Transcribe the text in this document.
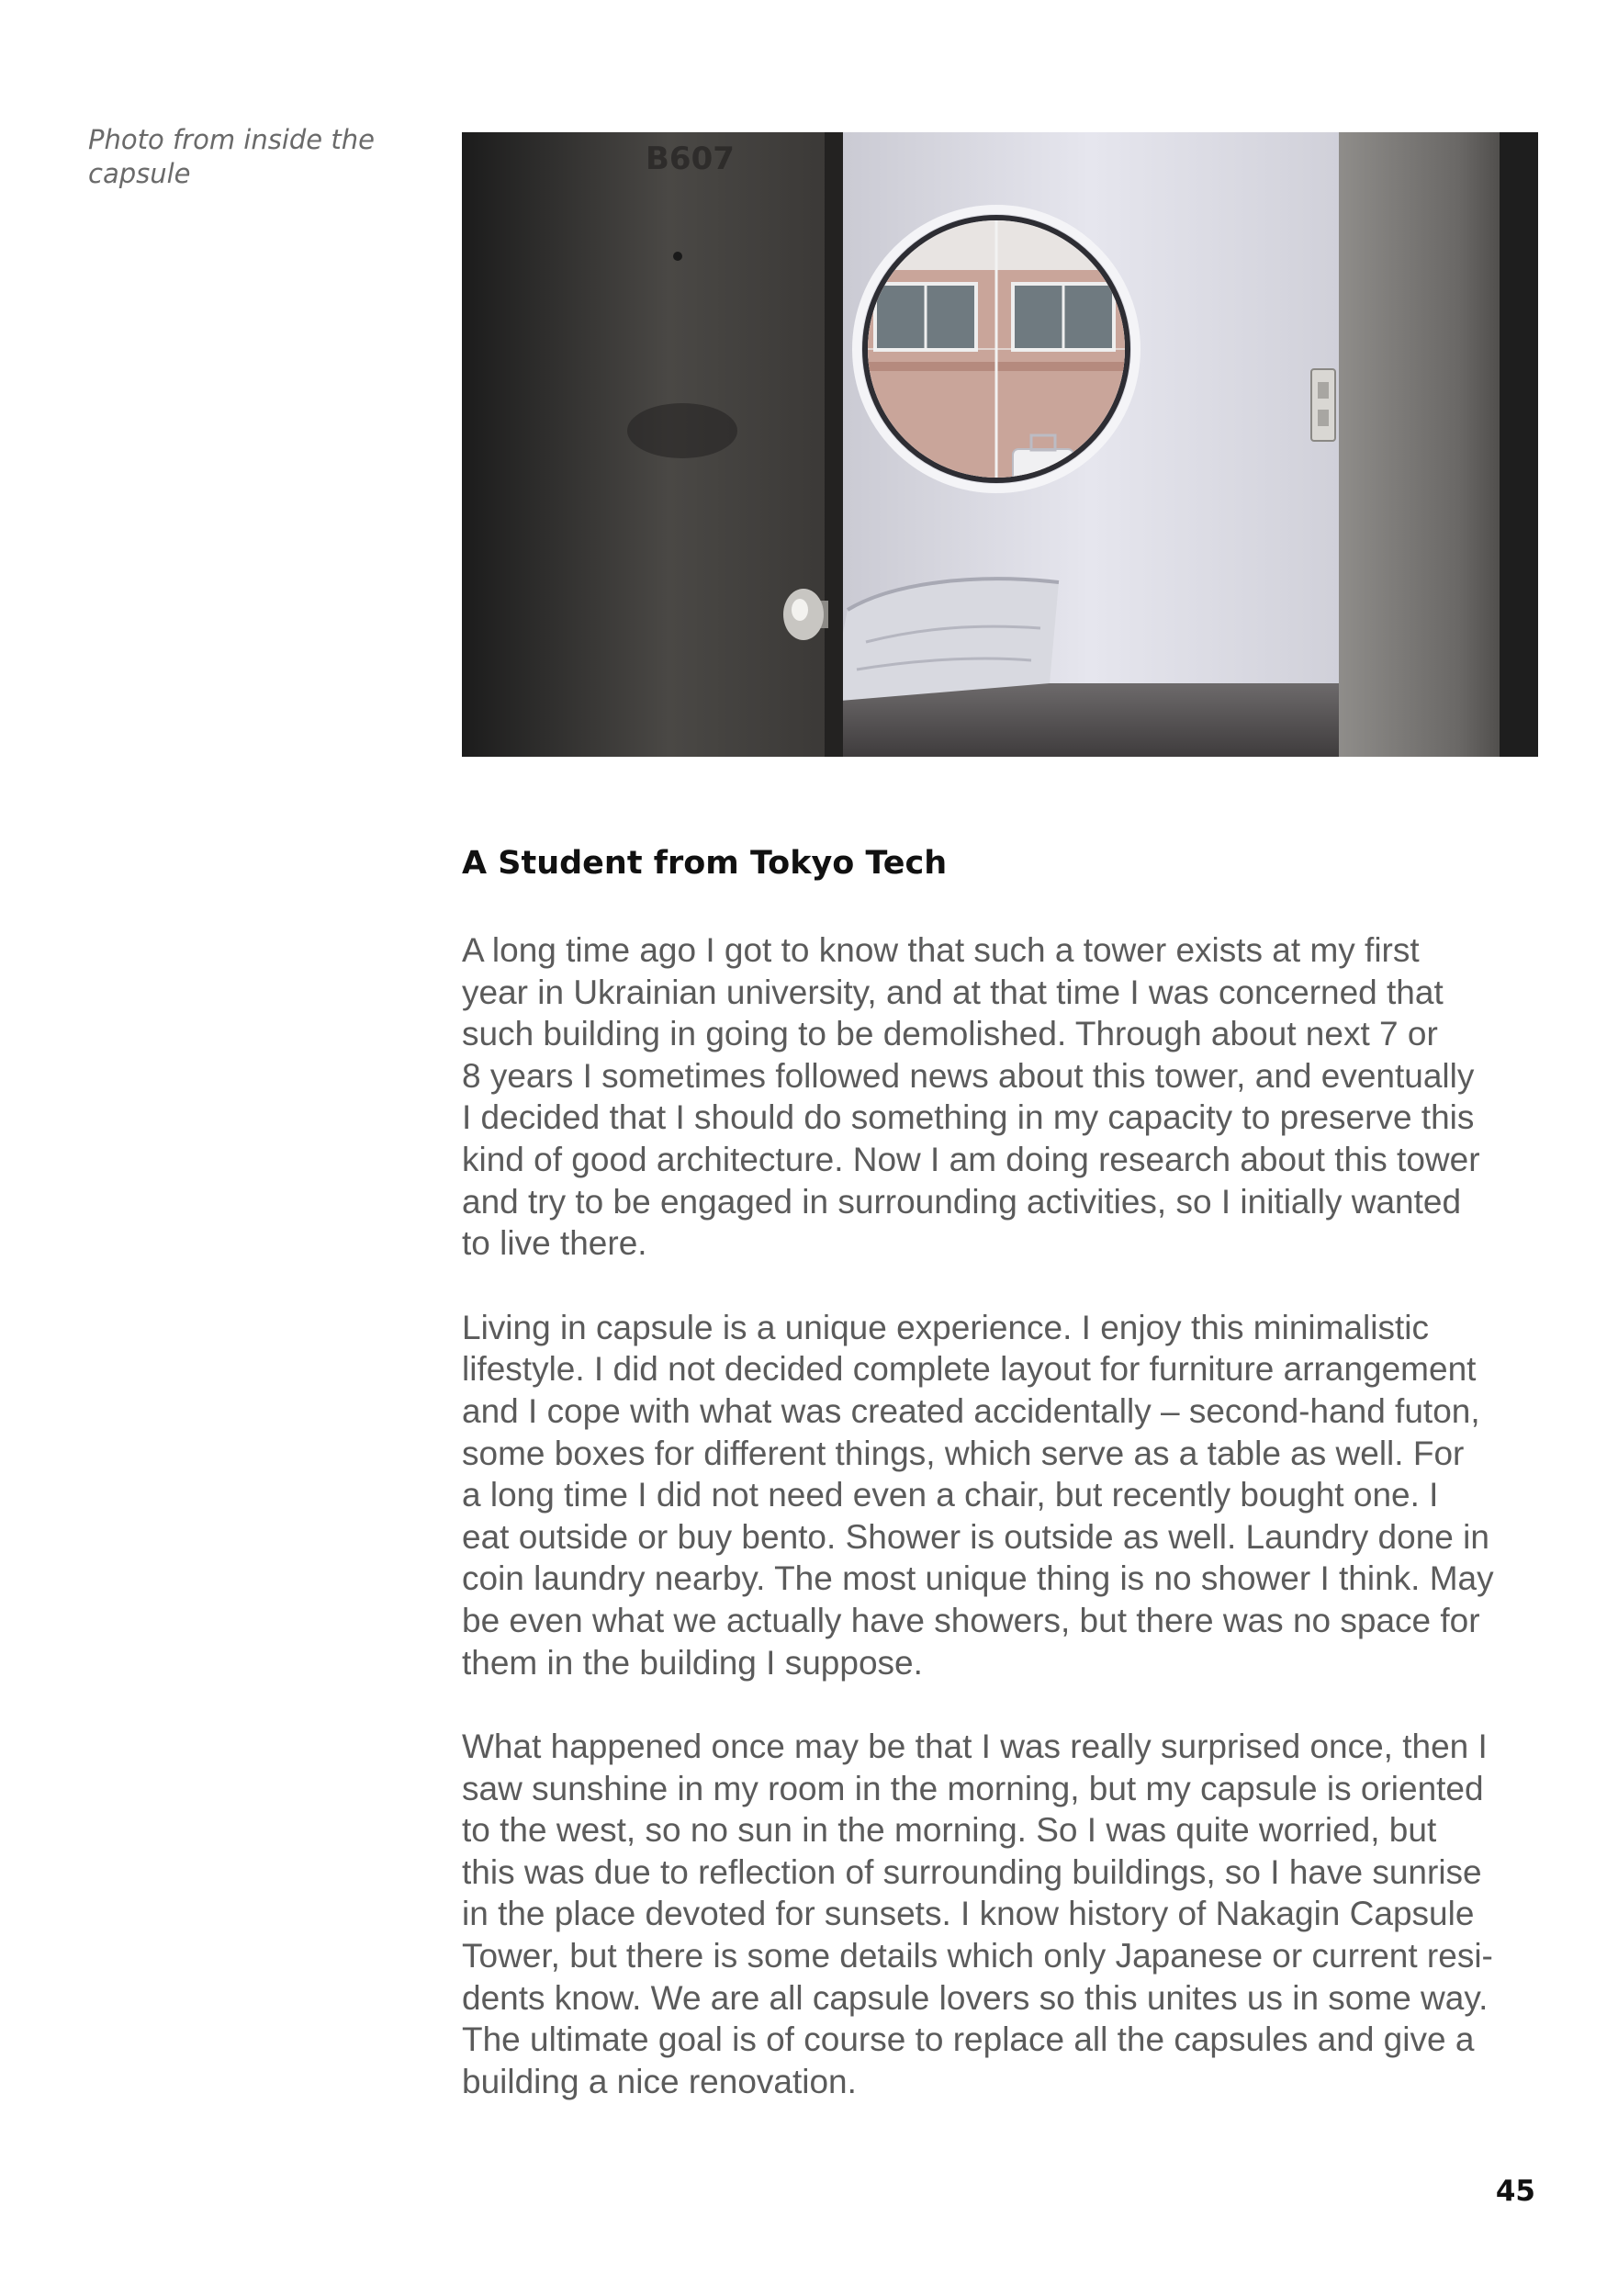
Photo from inside the capsule	B607
A Student from Tokyo Tech

A long time ago I got to know that such a tower exists at my first
year in Ukrainian university, and at that time I was concerned that
such building in going to be demolished. Through about next 7 or
8 years I sometimes followed news about this tower, and eventually
I decided that I should do something in my capacity to preserve this
kind of good architecture. Now I am doing research about this tower
and try to be engaged in surrounding activities, so I initially wanted
to live there.

Living in capsule is a unique experience. I enjoy this minimalistic
lifestyle. I did not decided complete layout for furniture arrangement
and I cope with what was created accidentally – second-hand futon,
some boxes for different things, which serve as a table as well. For
a long time I did not need even a chair, but recently bought one. I
eat outside or buy bento. Shower is outside as well. Laundry done in
coin laundry nearby. The most unique thing is no shower I think. May
be even what we actually have showers, but there was no space for
them in the building I suppose.

What happened once may be that I was really surprised once, then I
saw sunshine in my room in the morning, but my capsule is oriented
to the west, so no sun in the morning. So I was quite worried, but
this was due to reflection of surrounding buildings, so I have sunrise
in the place devoted for sunsets. I know history of Nakagin Capsule
Tower, but there is some details which only Japanese or current resi-
dents know. We are all capsule lovers so this unites us in some way.
The ultimate goal is of course to replace all the capsules and give a
building a nice renovation.

45
